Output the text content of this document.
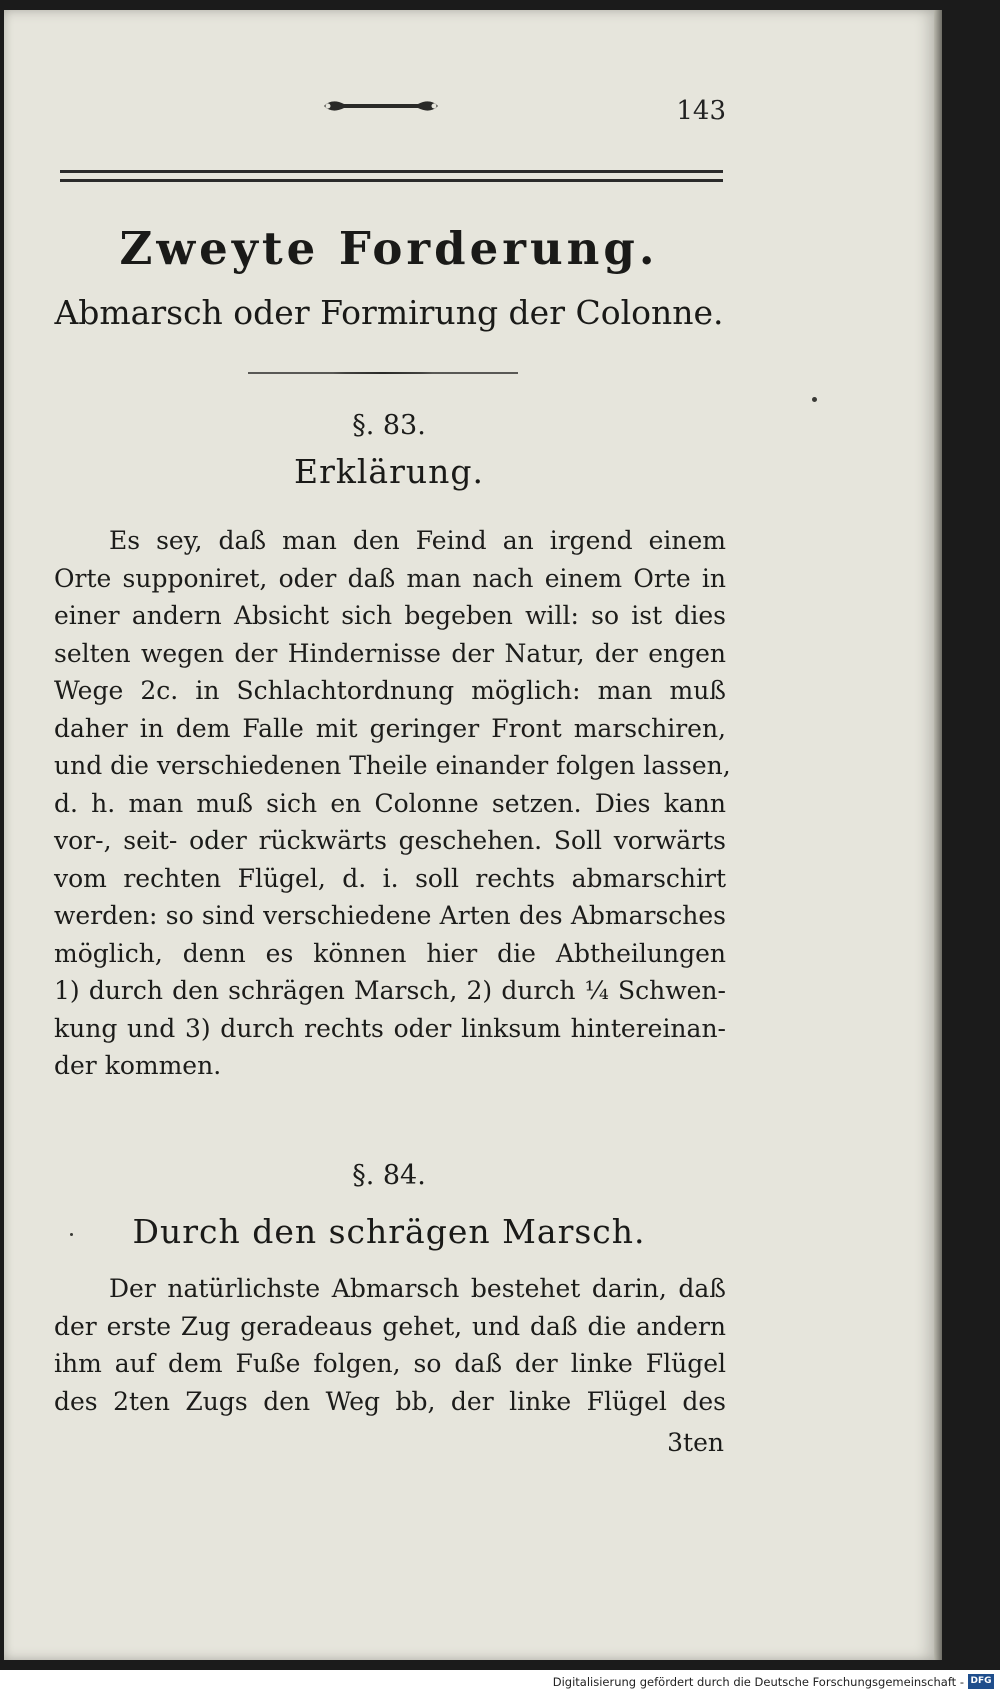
143
Zweyte Forderung.
Abmarsch oder Formirung der Colonne.
§. 83.
Erklärung.
Es sey, daß man den Feind an irgend einem
Orte supponiret, oder daß man nach einem Orte in
einer andern Absicht sich begeben will: so ist dies
selten wegen der Hindernisse der Natur, der engen
Wege 2c. in Schlachtordnung möglich: man muß
daher in dem Falle mit geringer Front marschiren,
und die verschiedenen Theile einander folgen lassen,
d. h. man muß sich en Colonne setzen. Dies kann
vor-, seit- oder rückwärts geschehen. Soll vorwärts
vom rechten Flügel, d. i. soll rechts abmarschirt
werden: so sind verschiedene Arten des Abmarsches
möglich, denn es können hier die Abtheilungen
1) durch den schrägen Marsch, 2) durch ¼ Schwen-
kung und 3) durch rechts oder linksum hintereinan-
der kommen.
§. 84.
Durch den schrägen Marsch.
Der natürlichste Abmarsch bestehet darin, daß
der erste Zug geradeaus gehet, und daß die andern
ihm auf dem Fuße folgen, so daß der linke Flügel
des 2ten Zugs den Weg bb, der linke Flügel des
3ten
Digitalisierung gefördert durch die Deutsche Forschungsgemeinschaft - DFG
